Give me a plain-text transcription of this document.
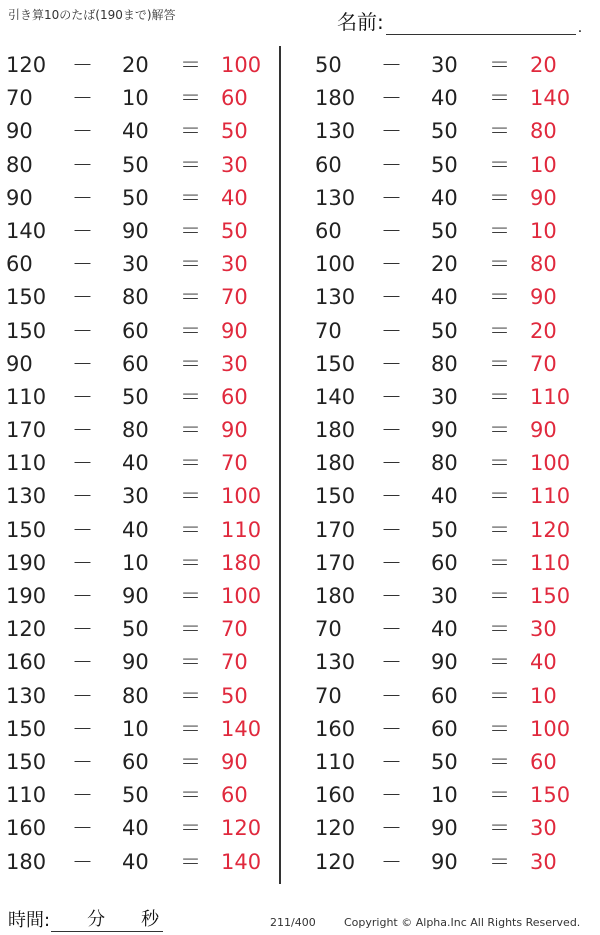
引き算10のたば(190まで)解答	名前:	.
120	－ 20	＝ 100
70	－ 10	＝ 60
90	－ 40	＝ 50
80	－ 50	＝ 30
90	－ 50	＝ 40
140	－ 90	＝ 50
60	－ 30	＝ 30
150	－ 80	＝ 70
150	－ 60	＝ 90
90	－ 60	＝ 30
110	－ 50	＝ 60
170	－ 80	＝ 90
110	－ 40	＝ 70
130	－ 30	＝ 100
150	－ 40	＝ 110
190	－ 10	＝ 180
190	－ 90	＝ 100
120	－ 50	＝ 70
160	－ 90	＝ 70
130	－ 80	＝ 50
150	－ 10	＝ 140
150	－ 60	＝ 90
110	－ 50	＝ 60
160	－ 40	＝ 120
180	－ 40	＝ 140
50	－ 30	＝ 20
180	－ 40	＝ 140
130	－ 50	＝ 80
60	－ 50	＝ 10
130	－ 40	＝ 90
60	－ 50	＝ 10
100	－ 20	＝ 80
130	－ 40	＝ 90
70	－ 50	＝ 20
150	－ 80	＝ 70
140	－ 30	＝ 110
180	－ 90	＝ 90
180	－ 80	＝ 100
150	－ 40	＝ 110
170	－ 50	＝ 120
170	－ 60	＝ 110
180	－ 30	＝ 150
70	－ 40	＝ 30
130	－ 90	＝ 40
70	－ 60	＝ 10
160	－ 60	＝ 100
110	－ 50	＝ 60
160	－ 10	＝ 150
120	－ 90	＝ 30
120	－ 90	＝ 30
時間: 分 秒	211/400	Copyright © Alpha.Inc All Rights Reserved.
